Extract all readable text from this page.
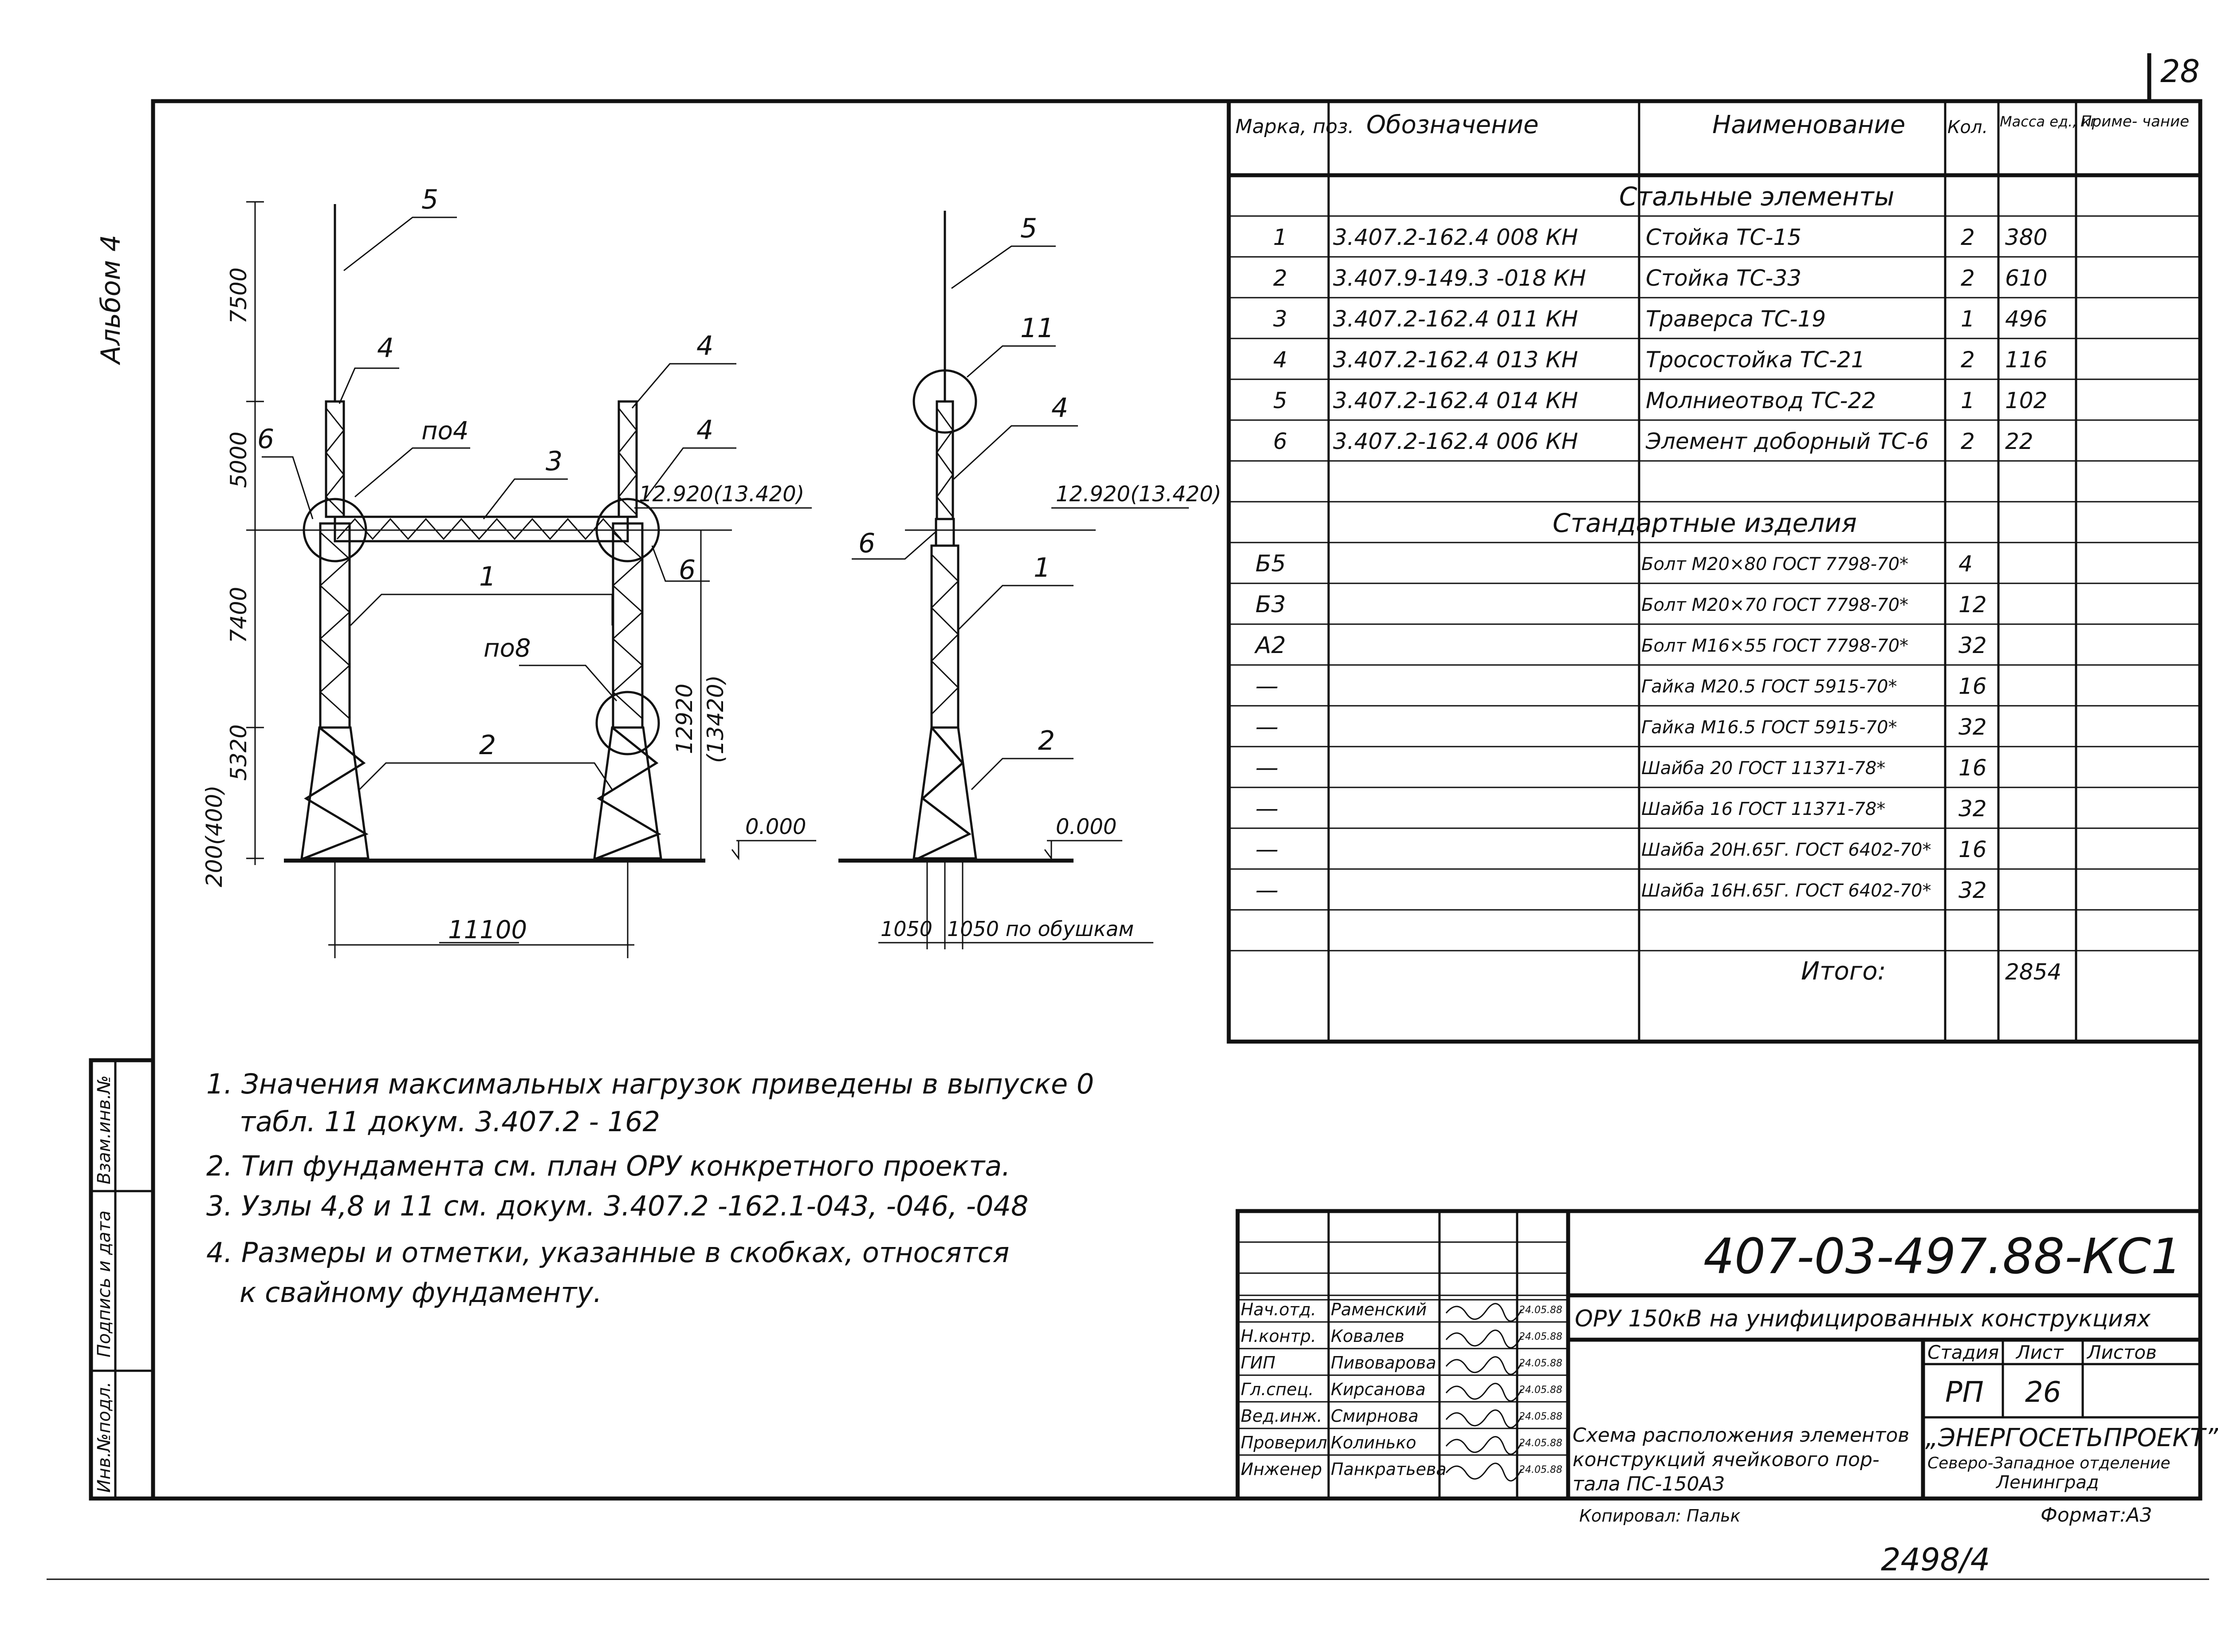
28
Альбом 4
Инв.№подл.
Подпись и дата
Взам.инв.№
7500
5000
7400
5320
200(400)
12920 (13420)
11100
12.920(13.420)
0.000
5
4
по4
6
3
4
4
6
1
по8
2
1050 1050 по обушкам
12.920(13.420)
0.000
5
11
4
6
1
2
Марка, поз. Обозначение	Наименование Кол. Масса ед., кг
Приме- чание
Стальные элементы
1 3.407.2-162.4 008 КН	Стойка ТС-15	2 380
2 3.407.9-149.3 -018 КН	Стойка ТС-33	2 610
3 3.407.2-162.4 011 КН	Траверса ТС-19	1 496
4 3.407.2-162.4 013 КН	Тросостойка ТС-21	2 116
5 3.407.2-162.4 014 КН	Молниеотвод ТС-22	1 102
6 3.407.2-162.4 006 КН	Элемент доборный ТС-6 2 22
Стандартные изделия
Б5	Болт М20×80 ГОСТ 7798-70* 4
Б3	Болт М20×70 ГОСТ 7798-70* 12
А2	Болт М16×55 ГОСТ 7798-70* 32
—	Гайка М20.5 ГОСТ 5915-70*	16
—	Гайка М16.5 ГОСТ 5915-70*	32
—	Шайба 20 ГОСТ 11371-78*	16
—	Шайба 16 ГОСТ 11371-78*	32
—	Шайба 20Н.65Г. ГОСТ 6402-70* 16
—	Шайба 16Н.65Г. ГОСТ 6402-70* 32
Итого:	2854
1. Значения максимальных нагрузок приведены в выпуске 0
табл. 11 докум. 3.407.2 - 162
2. Тип фундамента см. план ОРУ конкретного проекта.
3. Узлы 4,8 и 11 см. докум. 3.407.2 -162.1-043, -046, -048
4. Размеры и отметки, указанные в скобках, относятся
к свайному фундаменту.
407-03-497.88-КС1
ОРУ 150кВ на унифицированных конструкциях
Стадия Лист Листов
РП 26
Схема расположения элементов
конструкций ячейкового пор-
тала ПС-150А3
„ЭНЕРГОСЕТЬПРОЕКТ”
Северо-Западное отделение
Ленинград
Нач.отд. Раменский	24.05.88
Н.контр. Ковалев	24.05.88
ГИП	Пивоварова	24.05.88
Гл.спец. Кирсанова	24.05.88
Вед.инж. Смирнова	24.05.88
Проверил Колинько	24.05.88
Инженер Панкратьева	24.05.88
Копировал: Пальк	Формат:А3
2498/4
